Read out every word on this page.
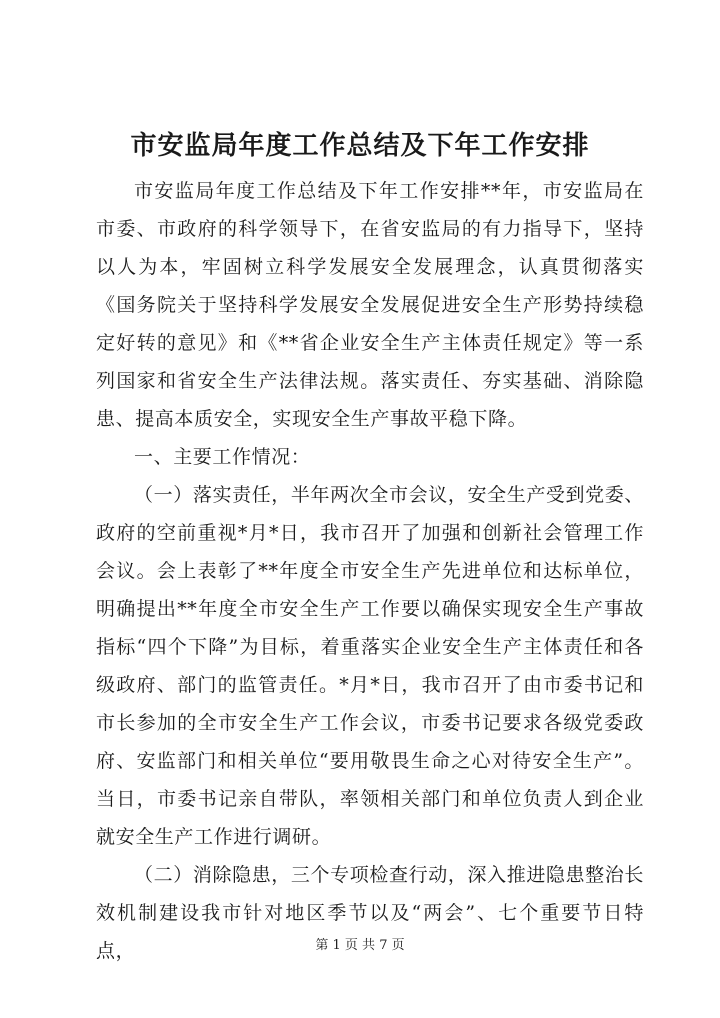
市安监局年度工作总结及下年工作安排

市安监局年度工作总结及下年工作安排**年，市安监局在市委、市政府的科学领导下，在省安监局的有力指导下，坚持以人为本，牢固树立科学发展安全发展理念，认真贯彻落实《国务院关于坚持科学发展安全发展促进安全生产形势持续稳定好转的意见》和《**省企业安全生产主体责任规定》等一系列国家和省安全生产法律法规。落实责任、夯实基础、消除隐患、提高本质安全，实现安全生产事故平稳下降。

一、主要工作情况：

（一）落实责任，半年两次全市会议，安全生产受到党委、政府的空前重视*月*日，我市召开了加强和创新社会管理工作会议。会上表彰了**年度全市安全生产先进单位和达标单位，明确提出**年度全市安全生产工作要以确保实现安全生产事故指标“四个下降”为目标，着重落实企业安全生产主体责任和各级政府、部门的监管责任。*月*日，我市召开了由市委书记和市长参加的全市安全生产工作会议，市委书记要求各级党委政府、安监部门和相关单位“要用敬畏生命之心对待安全生产”。当日，市委书记亲自带队，率领相关部门和单位负责人到企业就安全生产工作进行调研。

（二）消除隐患，三个专项检查行动，深入推进隐患整治长效机制建设我市针对地区季节以及“两会”、七个重要节日特点，	第 1 页 共 7 页
